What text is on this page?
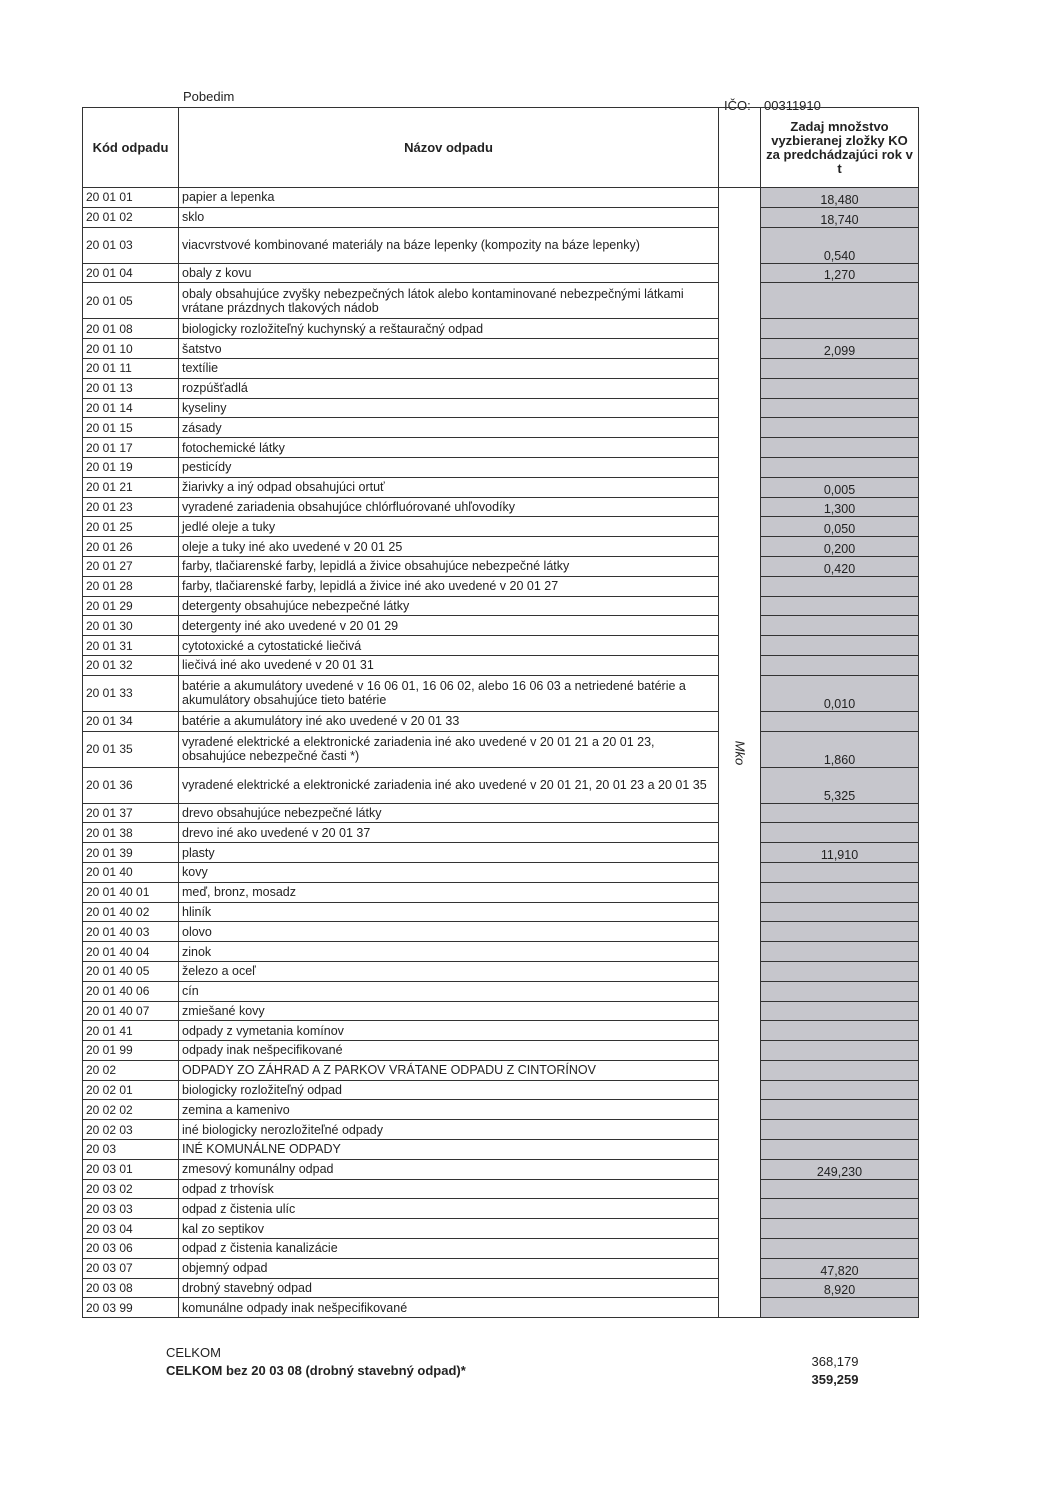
Pobedim
IČO: 00311910
Kód odpadu	Názov odpadu		Zadaj množstvo vyzbieranej zložky KO za predchádzajúci rok v t
20 01 01	papier a lepenka	Mko	18,480
20 01 02	sklo		18,740
20 01 03	viacvrstvové kombinované materiály na báze lepenky (kompozity na báze lepenky)		0,540
20 01 04	obaly z kovu		1,270
20 01 05	obaly obsahujúce zvyšky nebezpečných látok alebo kontaminované nebezpečnými látkami vrátane prázdnych tlakových nádob		
20 01 08	biologicky rozložiteľný kuchynský a reštauračný odpad		
20 01 10	šatstvo		2,099
20 01 11	textílie		
20 01 13	rozpúšťadlá		
20 01 14	kyseliny		
20 01 15	zásady		
20 01 17	fotochemické látky		
20 01 19	pesticídy		
20 01 21	žiarivky a iný odpad obsahujúci ortuť		0,005
20 01 23	vyradené zariadenia obsahujúce chlórfluórované uhľovodíky		1,300
20 01 25	jedlé oleje a tuky		0,050
20 01 26	oleje a tuky iné ako uvedené v 20 01 25		0,200
20 01 27	farby, tlačiarenské farby, lepidlá a živice obsahujúce nebezpečné látky		0,420
20 01 28	farby, tlačiarenské farby, lepidlá a živice iné ako uvedené v 20 01 27		
20 01 29	detergenty obsahujúce nebezpečné látky		
20 01 30	detergenty iné ako uvedené v 20 01 29		
20 01 31	cytotoxické a cytostatické liečivá		
20 01 32	liečivá iné ako uvedené v 20 01 31		
20 01 33	batérie a akumulátory uvedené v 16 06 01, 16 06 02, alebo 16 06 03 a netriedené batérie a akumulátory obsahujúce tieto batérie		0,010
20 01 34	batérie a akumulátory iné ako uvedené v 20 01 33		
20 01 35	vyradené elektrické a elektronické zariadenia iné ako uvedené v 20 01 21 a 20 01 23, obsahujúce nebezpečné časti *)		1,860
20 01 36	vyradené elektrické a elektronické zariadenia iné ako uvedené v 20 01 21, 20 01 23 a 20 01 35		5,325
20 01 37	drevo obsahujúce nebezpečné látky		
20 01 38	drevo iné ako uvedené v 20 01 37		
20 01 39	plasty		11,910
20 01 40	kovy		
20 01 40 01	meď, bronz, mosadz		
20 01 40 02	hliník		
20 01 40 03	olovo		
20 01 40 04	zinok		
20 01 40 05	železo a oceľ		
20 01 40 06	cín		
20 01 40 07	zmiešané kovy		
20 01 41	odpady z vymetania komínov		
20 01 99	odpady inak nešpecifikované		
20 02	ODPADY ZO ZÁHRAD A Z PARKOV VRÁTANE ODPADU Z CINTORÍNOV		
20 02 01	biologicky rozložiteľný odpad		
20 02 02	zemina a kamenivo		
20 02 03	iné biologicky nerozložiteľné odpady		
20 03	INÉ KOMUNÁLNE ODPADY		
20 03 01	zmesový komunálny odpad		249,230
20 03 02	odpad z trhovísk		
20 03 03	odpad z čistenia ulíc		
20 03 04	kal zo septikov		
20 03 06	odpad z čistenia kanalizácie		
20 03 07	objemný odpad		47,820
20 03 08	drobný stavebný odpad		8,920
20 03 99	komunálne odpady inak nešpecifikované		
CELKOM
CELKOM bez 20 03 08 (drobný stavebný odpad)*
368,179
359,259
